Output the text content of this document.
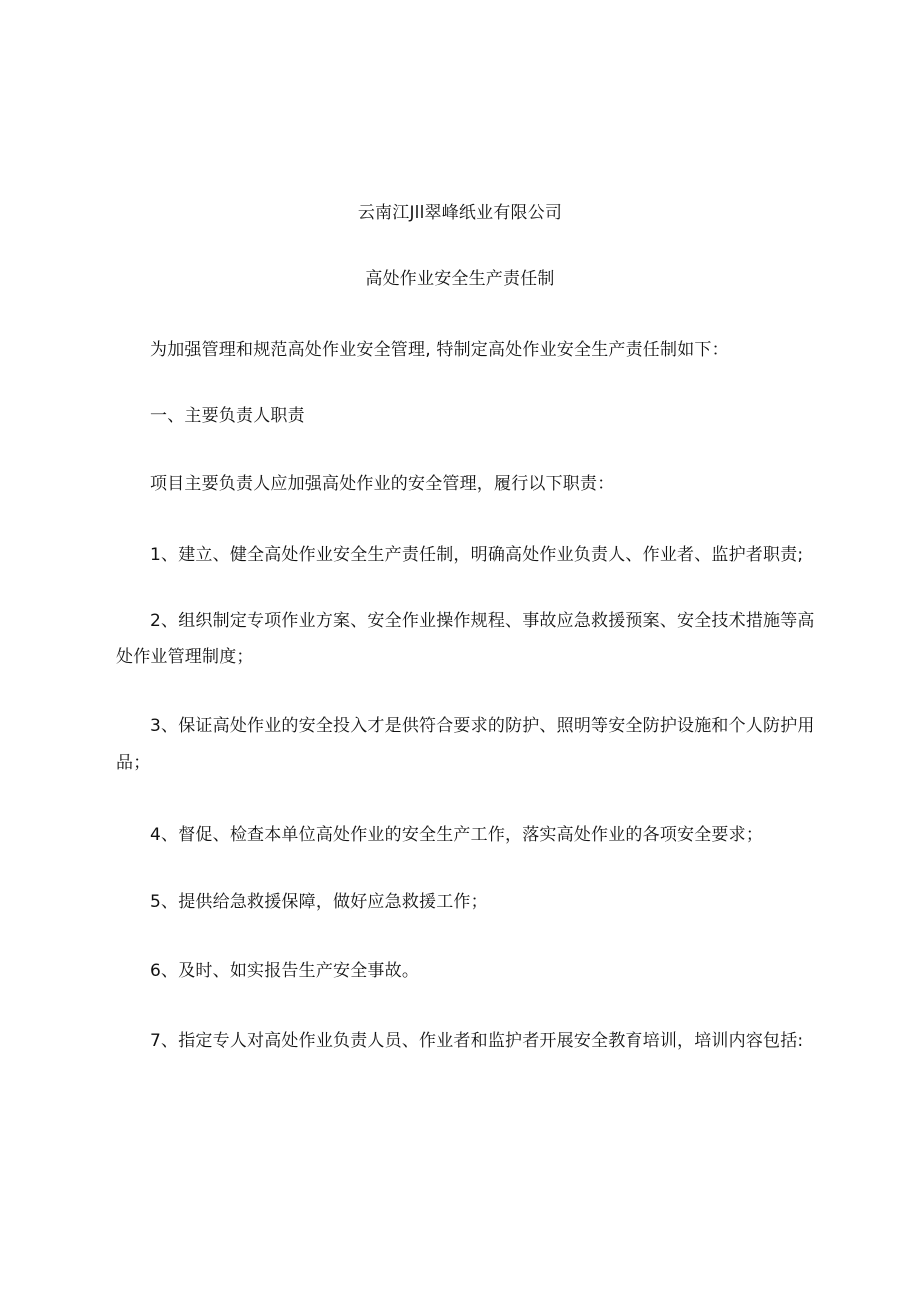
云南江Jll翠峰纸业有限公司
高处作业安全生产责任制
为加强管理和规范高处作业安全管理, 特制定高处作业安全生产责任制如下：
一、主要负责人职责
项目主要负责人应加强高处作业的安全管理，履行以下职责：
1、建立、健全高处作业安全生产责任制，明确高处作业负责人、作业者、监护者职责;
2、组织制定专项作业方案、安全作业操作规程、事故应急救援预案、安全技术措施等高
处作业管理制度；
3、保证高处作业的安全投入才是供符合要求的防护、照明等安全防护设施和个人防护用
品；
4、督促、检查本单位高处作业的安全生产工作，落实高处作业的各项安全要求；
5、提供给急救援保障，做好应急救援工作；
6、及时、如实报告生产安全事故。
7、指定专人对高处作业负责人员、作业者和监护者开展安全教育培训，培训内容包括:
